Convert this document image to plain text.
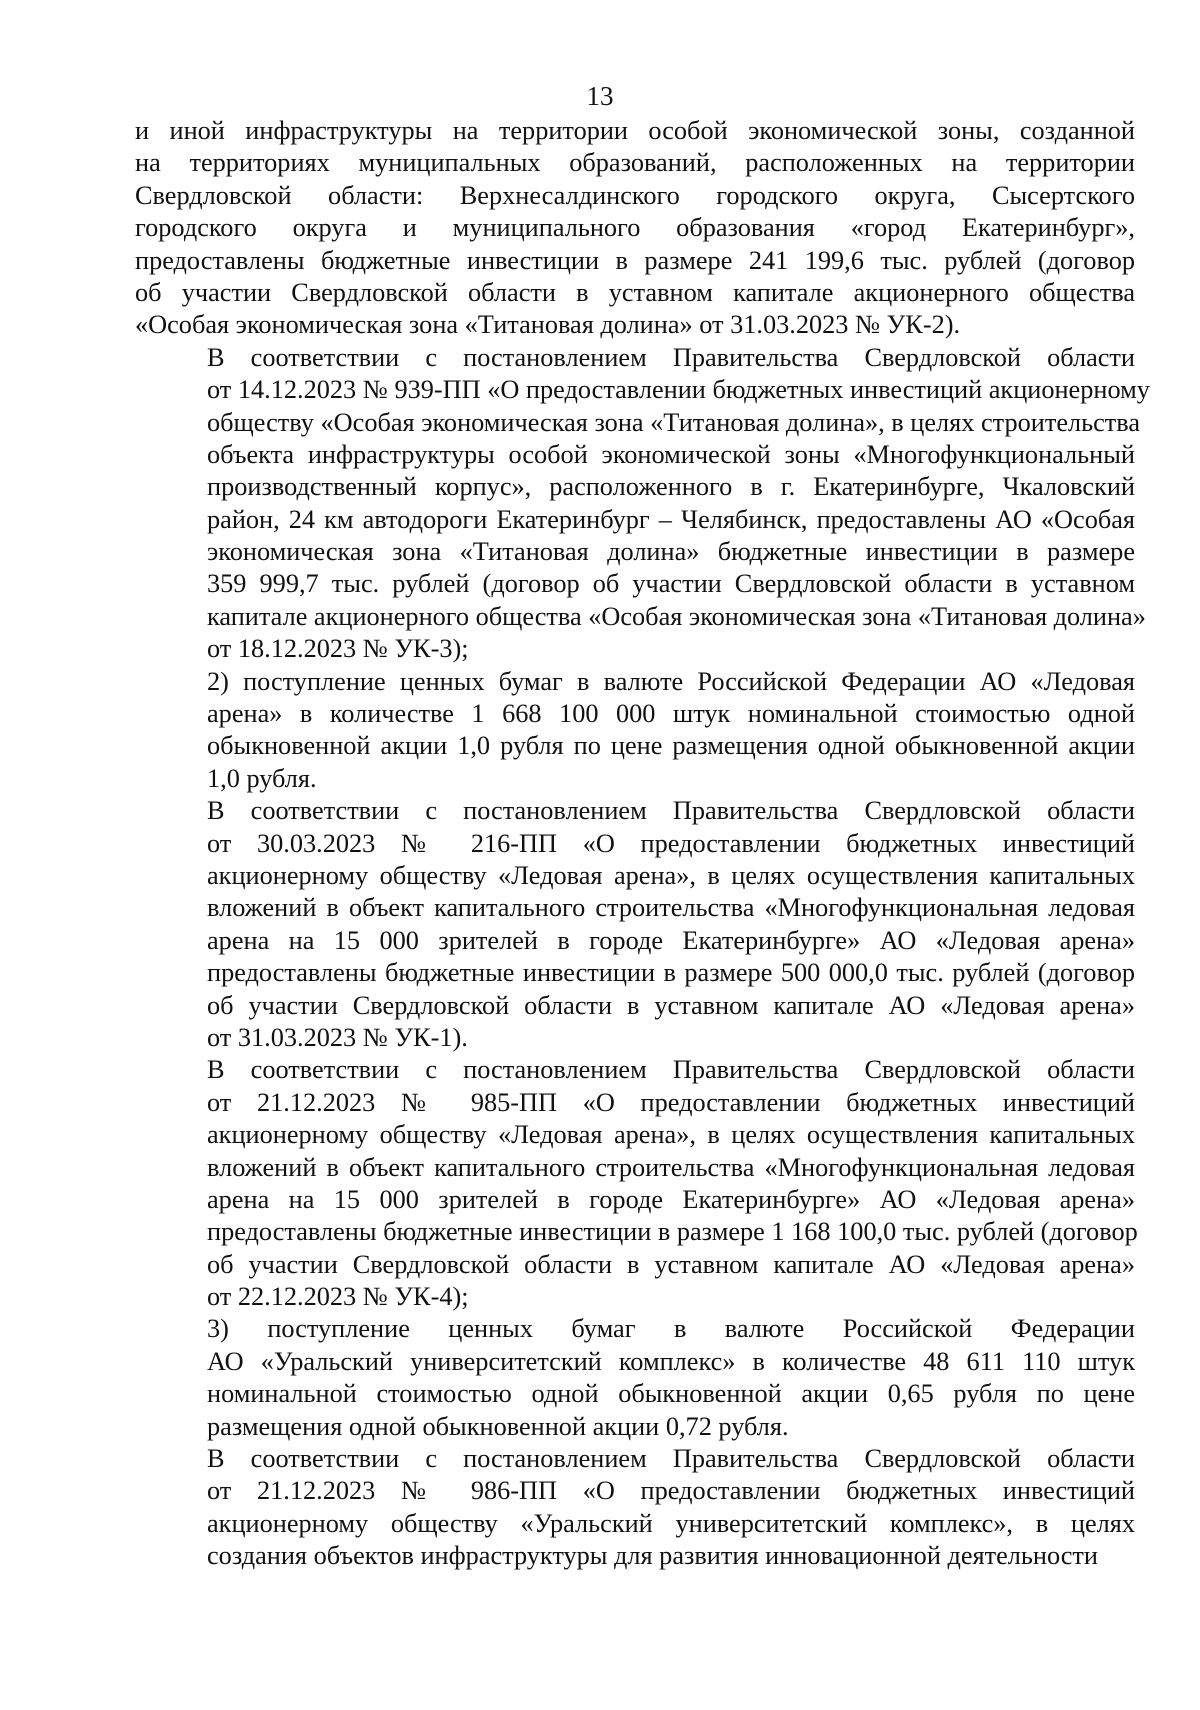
13
и иной инфраструктуры на территории особой экономической зоны, созданной
на территориях муниципальных образований, расположенных на территории
Свердловской области: Верхнесалдинского городского округа, Сысертского
городского округа и муниципального образования «город Екатеринбург»,
предоставлены бюджетные инвестиции в размере 241 199,6 тыс. рублей (договор
об участии Свердловской области в уставном капитале акционерного общества
«Особая экономическая зона «Титановая долина» от 31.03.2023 № УК-2).
В соответствии с постановлением Правительства Свердловской области
от 14.12.2023 № 939-ПП «О предоставлении бюджетных инвестиций акционерному
обществу «Особая экономическая зона «Титановая долина», в целях строительства
объекта инфраструктуры особой экономической зоны «Многофункциональный
производственный корпус», расположенного в г. Екатеринбурге, Чкаловский
район, 24 км автодороги Екатеринбург – Челябинск, предоставлены АО «Особая
экономическая зона «Титановая долина» бюджетные инвестиции в размере
359 999,7 тыс. рублей (договор об участии Свердловской области в уставном
капитале акционерного общества «Особая экономическая зона «Титановая долина»
от 18.12.2023 № УК-3);
2) поступление ценных бумаг в валюте Российской Федерации АО «Ледовая
арена» в количестве 1 668 100 000 штук номинальной стоимостью одной
обыкновенной акции 1,0 рубля по цене размещения одной обыкновенной акции
1,0 рубля.
В соответствии с постановлением Правительства Свердловской области
от 30.03.2023 № 216-ПП «О предоставлении бюджетных инвестиций
акционерному обществу «Ледовая арена», в целях осуществления капитальных
вложений в объект капитального строительства «Многофункциональная ледовая
арена на 15 000 зрителей в городе Екатеринбурге» АО «Ледовая арена»
предоставлены бюджетные инвестиции в размере 500 000,0 тыс. рублей (договор
об участии Свердловской области в уставном капитале АО «Ледовая арена»
от 31.03.2023 № УК-1).
В соответствии с постановлением Правительства Свердловской области
от 21.12.2023 № 985-ПП «О предоставлении бюджетных инвестиций
акционерному обществу «Ледовая арена», в целях осуществления капитальных
вложений в объект капитального строительства «Многофункциональная ледовая
арена на 15 000 зрителей в городе Екатеринбурге» АО «Ледовая арена»
предоставлены бюджетные инвестиции в размере 1 168 100,0 тыс. рублей (договор
об участии Свердловской области в уставном капитале АО «Ледовая арена»
от 22.12.2023 № УК-4);
3) поступление ценных бумаг в валюте Российской Федерации
АО «Уральский университетский комплекс» в количестве 48 611 110 штук
номинальной стоимостью одной обыкновенной акции 0,65 рубля по цене
размещения одной обыкновенной акции 0,72 рубля.
В соответствии с постановлением Правительства Свердловской области
от 21.12.2023 № 986-ПП «О предоставлении бюджетных инвестиций
акционерному обществу «Уральский университетский комплекс», в целях
создания объектов инфраструктуры для развития инновационной деятельности
